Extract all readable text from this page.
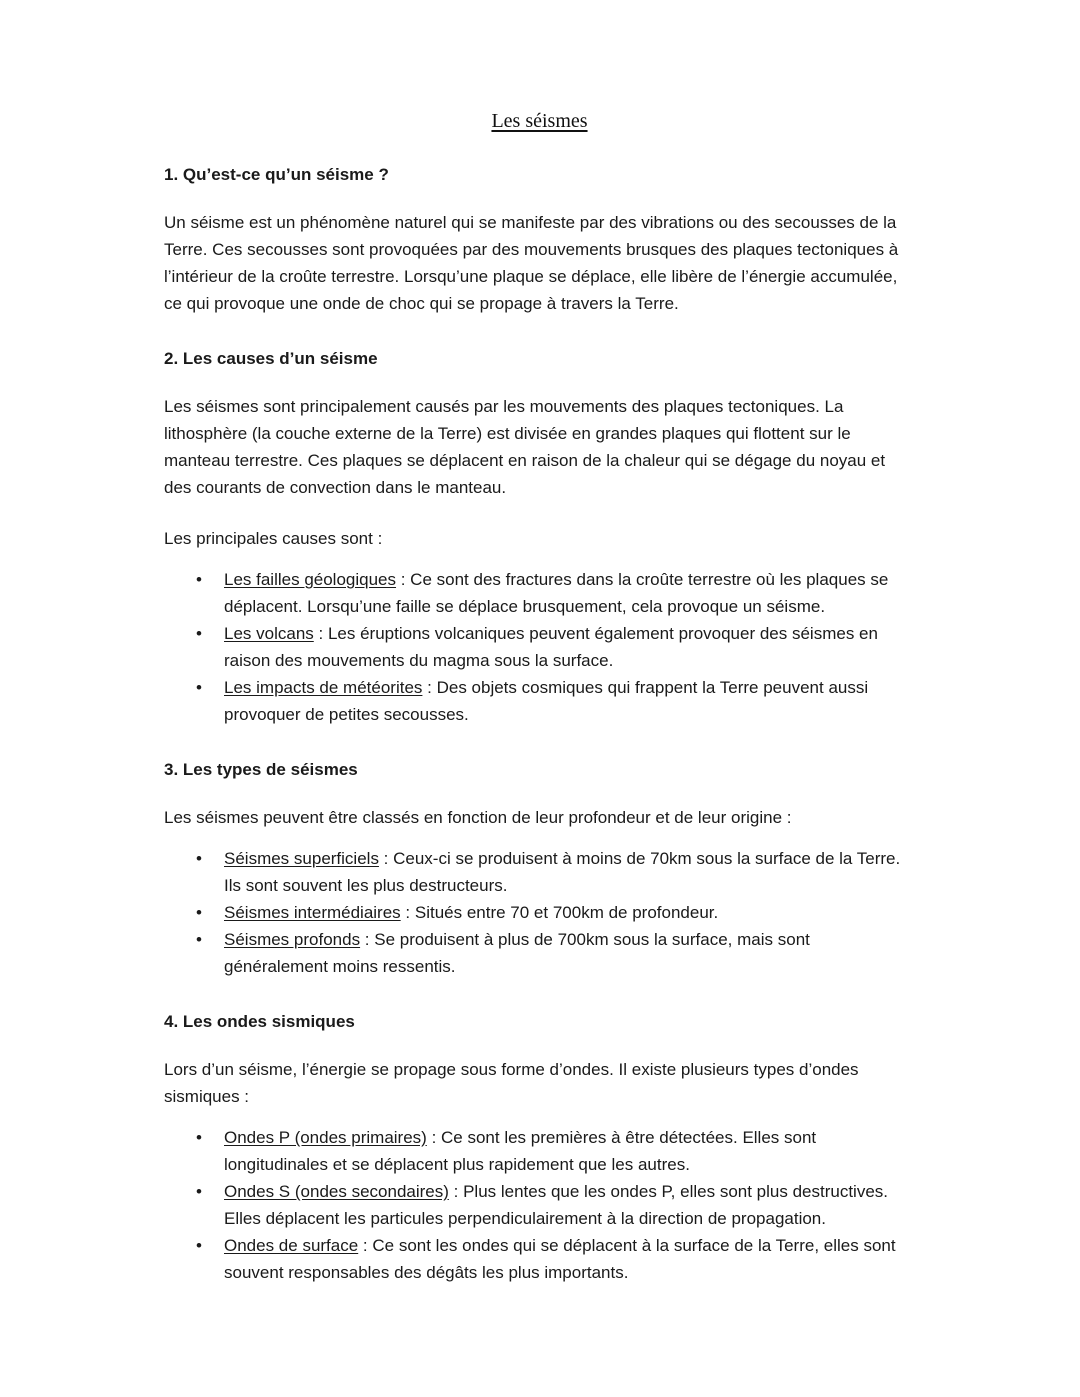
Les séismes
1. Qu’est-ce qu’un séisme ?

Un séisme est un phénomène naturel qui se manifeste par des vibrations ou des secousses de la Terre. Ces secousses sont provoquées par des mouvements brusques des plaques tectoniques à l’intérieur de la croûte terrestre. Lorsqu’une plaque se déplace, elle libère de l’énergie accumulée, ce qui provoque une onde de choc qui se propage à travers la Terre.

2. Les causes d’un séisme

Les séismes sont principalement causés par les mouvements des plaques tectoniques. La lithosphère (la couche externe de la Terre) est divisée en grandes plaques qui flottent sur le manteau terrestre. Ces plaques se déplacent en raison de la chaleur qui se dégage du noyau et des courants de convection dans le manteau.

Les principales causes sont :

• Les failles géologiques : Ce sont des fractures dans la croûte terrestre où les plaques se déplacent. Lorsqu’une faille se déplace brusquement, cela provoque un séisme.
• Les volcans : Les éruptions volcaniques peuvent également provoquer des séismes en raison des mouvements du magma sous la surface.
• Les impacts de météorites : Des objets cosmiques qui frappent la Terre peuvent aussi provoquer de petites secousses.
3. Les types de séismes

Les séismes peuvent être classés en fonction de leur profondeur et de leur origine :

• Séismes superficiels : Ceux-ci se produisent à moins de 70km sous la surface de la Terre. Ils sont souvent les plus destructeurs.
• Séismes intermédiaires : Situés entre 70 et 700km de profondeur.
• Séismes profonds : Se produisent à plus de 700km sous la surface, mais sont généralement moins ressentis.
4. Les ondes sismiques

Lors d’un séisme, l’énergie se propage sous forme d’ondes. Il existe plusieurs types d’ondes sismiques :

• Ondes P (ondes primaires) : Ce sont les premières à être détectées. Elles sont longitudinales et se déplacent plus rapidement que les autres.
• Ondes S (ondes secondaires) : Plus lentes que les ondes P, elles sont plus destructives. Elles déplacent les particules perpendiculairement à la direction de propagation.
• Ondes de surface : Ce sont les ondes qui se déplacent à la surface de la Terre, elles sont souvent responsables des dégâts les plus importants.
